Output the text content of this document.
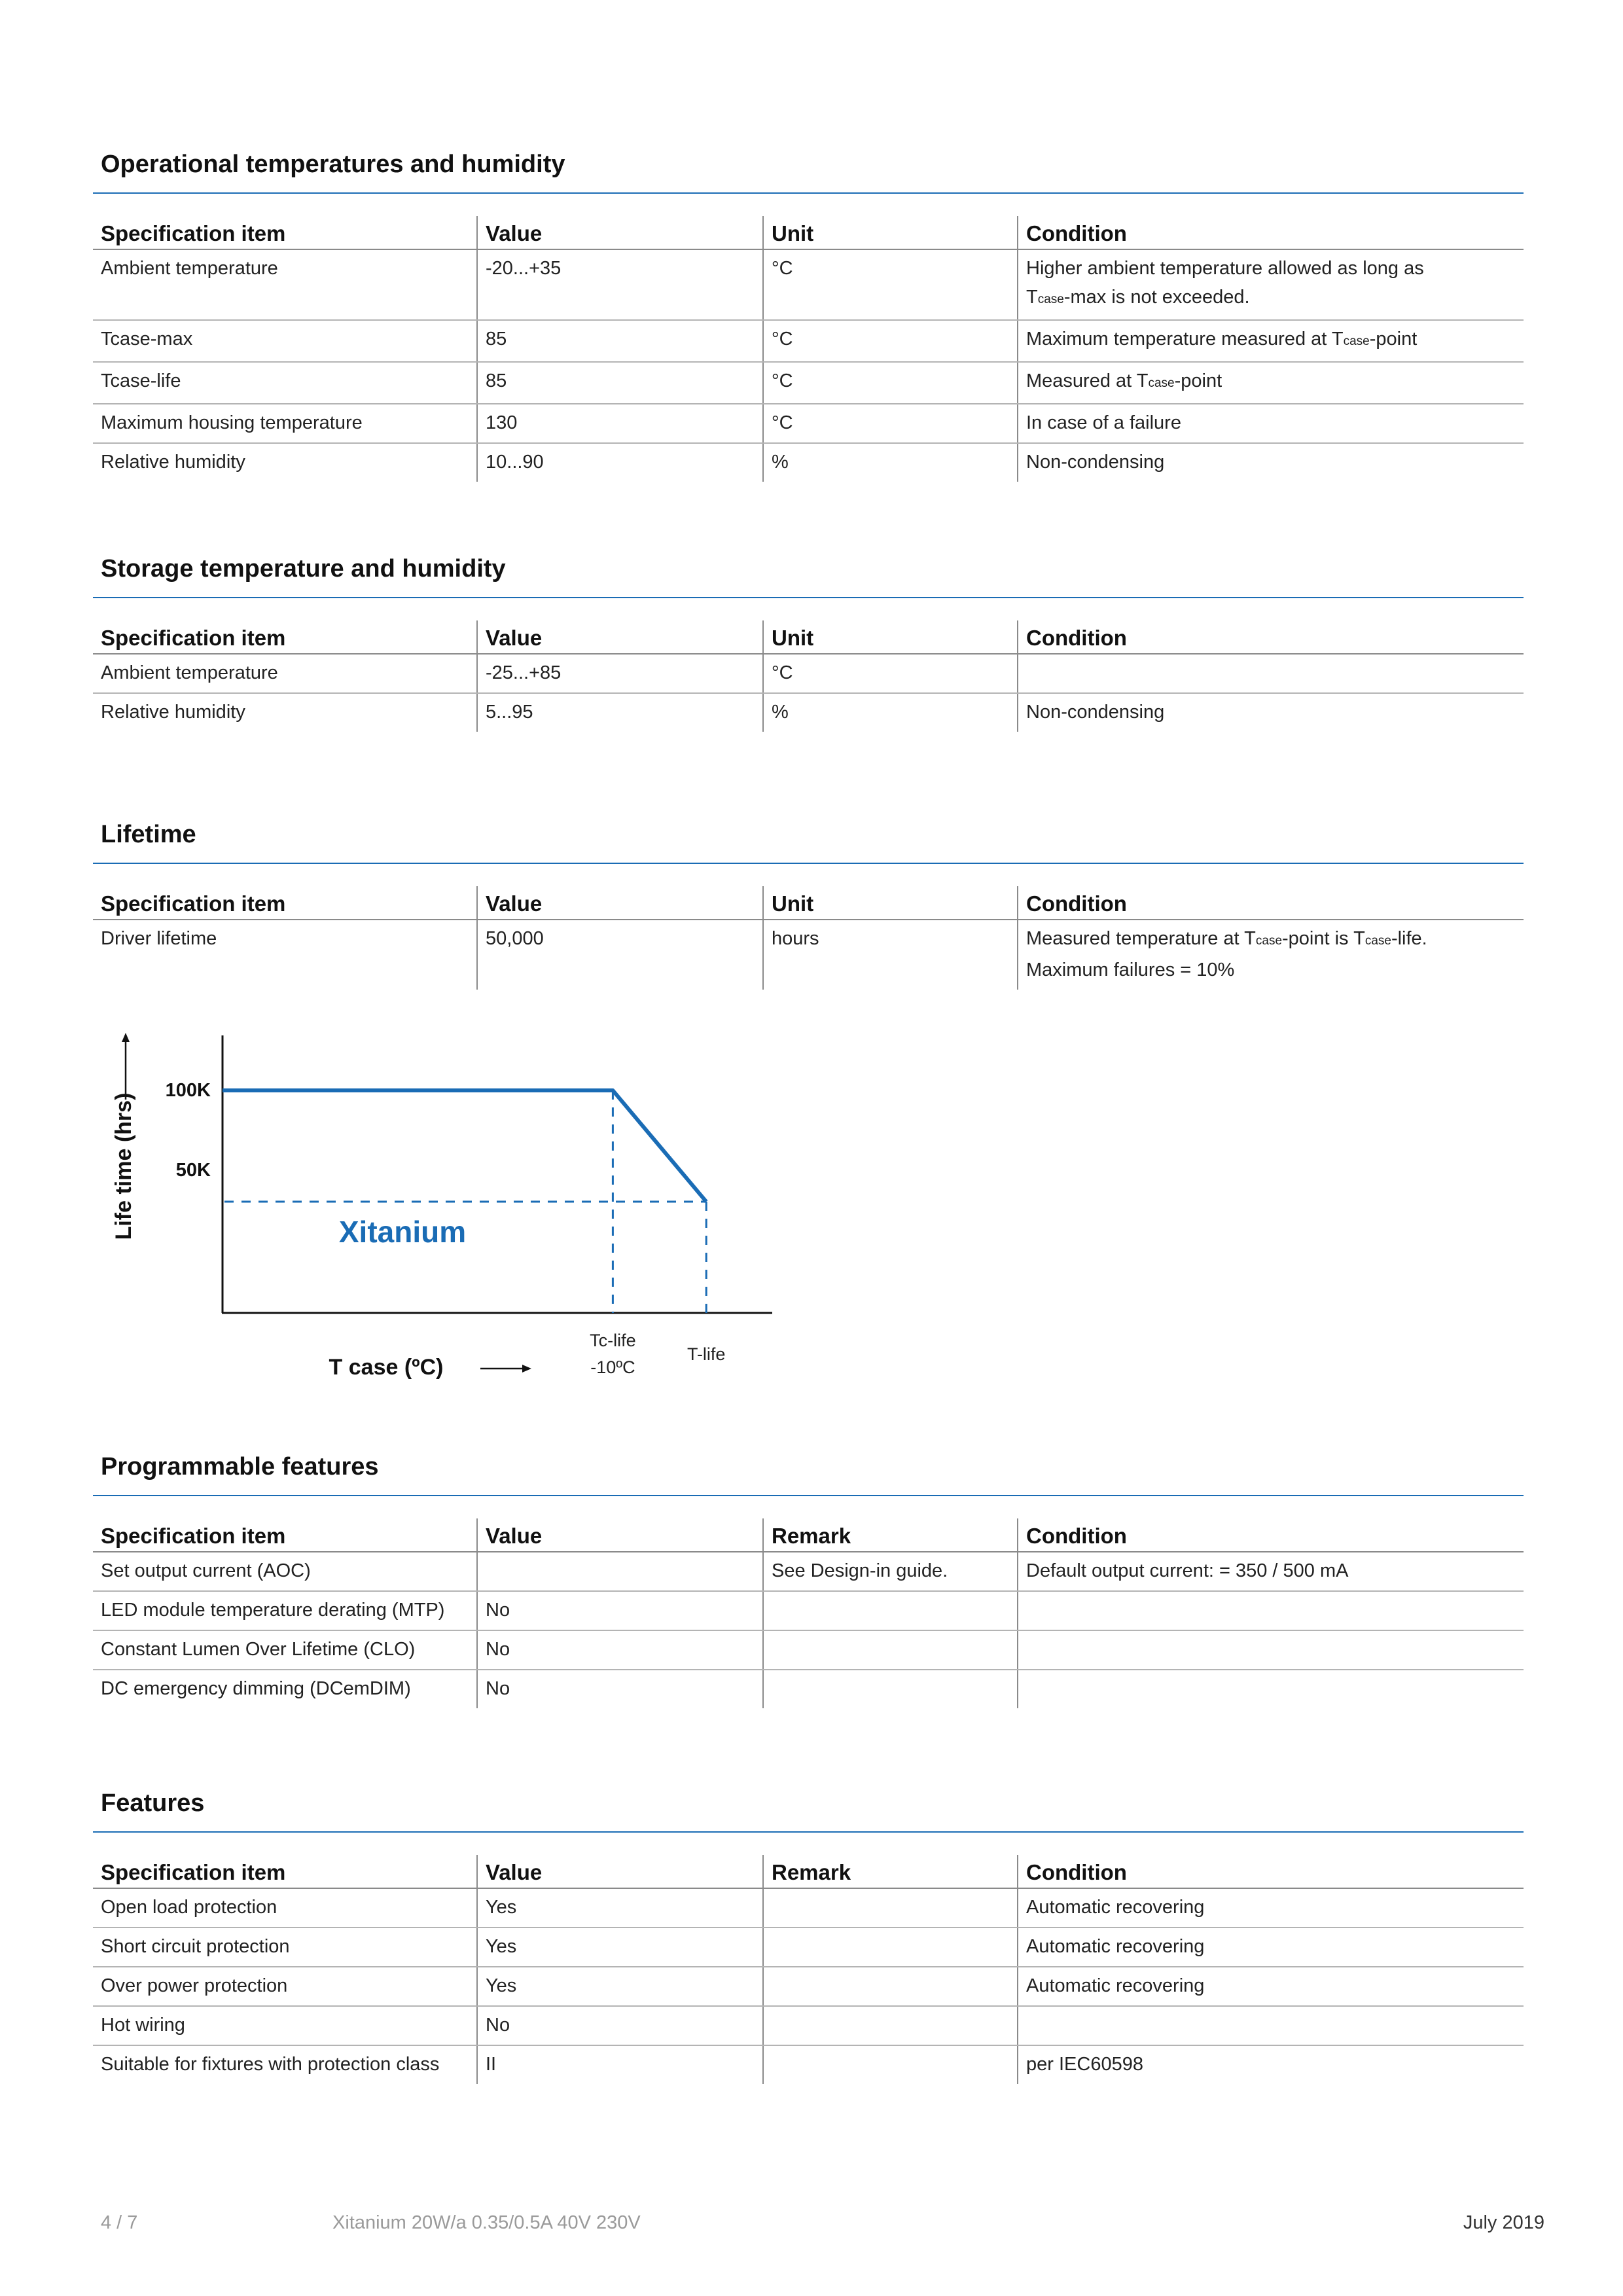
Operational temperatures and humidity
Specification item	Value	Unit	Condition
Ambient temperature	-20...+35	°C	Higher ambient temperature allowed as long as
Tcase-max is not exceeded.
Tcase-max	85	°C	Maximum temperature measured at Tcase-point
Tcase-life	85	°C	Measured at Tcase-point
Maximum housing temperature	130	°C	In case of a failure
Relative humidity	10...90	%	Non-condensing
Storage temperature and humidity
Specification item	Value	Unit	Condition
Ambient temperature	-25...+85	°C	
Relative humidity	5...95	%	Non-condensing
Lifetime
Specification item	Value	Unit	Condition
Driver lifetime	50,000	hours	Measured temperature at Tcase-point is Tcase-life.
Maximum failures = 10%
Life time (hrs)
100K
50K
Xitanium
Tc-life
-10ºC
T-life
T case (ºC)
Programmable features
Specification item	Value	Remark	Condition
Set output current (AOC)		See Design-in guide.	Default output current: = 350 / 500 mA
LED module temperature derating (MTP)	No		
Constant Lumen Over Lifetime (CLO)	No		
DC emergency dimming (DCemDIM)	No		
Features
Specification item	Value	Remark	Condition
Open load protection	Yes		Automatic recovering
Short circuit protection	Yes		Automatic recovering
Over power protection	Yes		Automatic recovering
Hot wiring	No		
Suitable for fixtures with protection class	II		per IEC60598
4 / 7	Xitanium 20W/a 0.35/0.5A 40V 230V	July 2019
